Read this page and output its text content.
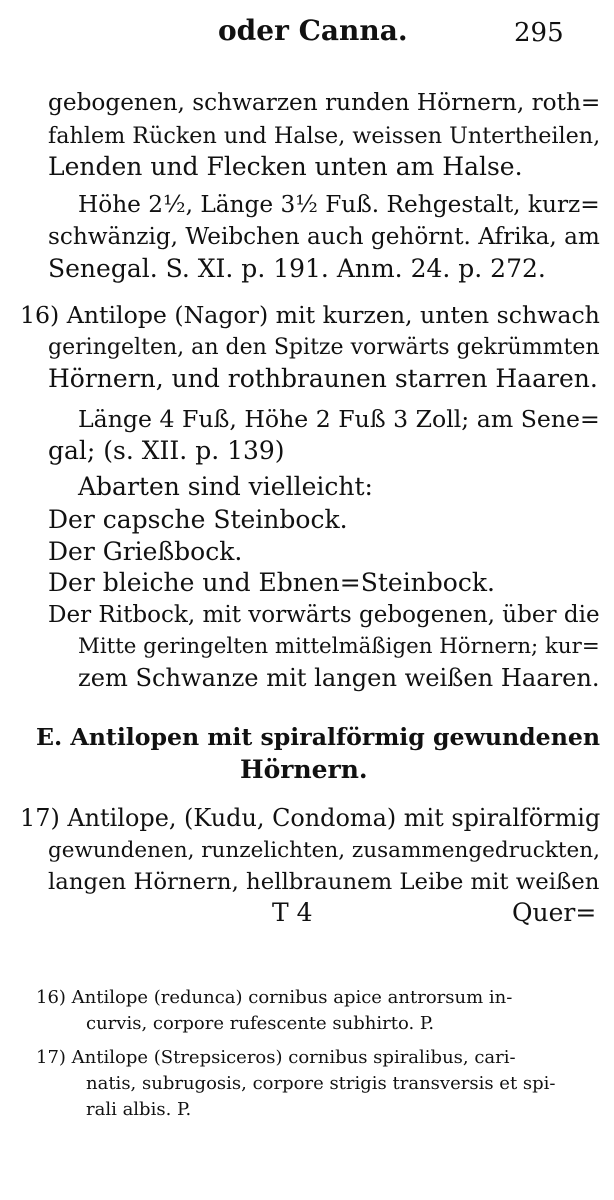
oder Canna.	295
gebogenen, schwarzen runden Hörnern, roth=
fahlem Rücken und Halse, weissen Untertheilen,
Lenden und Flecken unten am Halse.
Höhe 2½, Länge 3½ Fuß. Rehgestalt, kurz=
schwänzig, Weibchen auch gehörnt. Afrika, am
Senegal. S. XI. p. 191. Anm. 24. p. 272.
16) Antilope (Nagor) mit kurzen, unten schwach
geringelten, an den Spitze vorwärts gekrümmten
Hörnern, und rothbraunen starren Haaren.
Länge 4 Fuß, Höhe 2 Fuß 3 Zoll; am Sene=
gal; (s. XII. p. 139)
Abarten sind vielleicht:
Der capsche Steinbock.
Der Grießbock.
Der bleiche und Ebnen=Steinbock.
Der Ritbock, mit vorwärts gebogenen, über die
Mitte geringelten mittelmäßigen Hörnern; kur=
zem Schwanze mit langen weißen Haaren.
E. Antilopen mit spiralförmig gewundenen
Hörnern.
17) Antilope, (Kudu, Condoma) mit spiralförmig
gewundenen, runzelichten, zusammengedruckten,
langen Hörnern, hellbraunem Leibe mit weißen
T 4	Quer=
16) Antilope (redunca) cornibus apice antrorsum in-
curvis, corpore rufescente subhirto. P.
17) Antilope (Strepsiceros) cornibus spiralibus, cari-
natis, subrugosis, corpore strigis transversis et spi-
rali albis. P.
